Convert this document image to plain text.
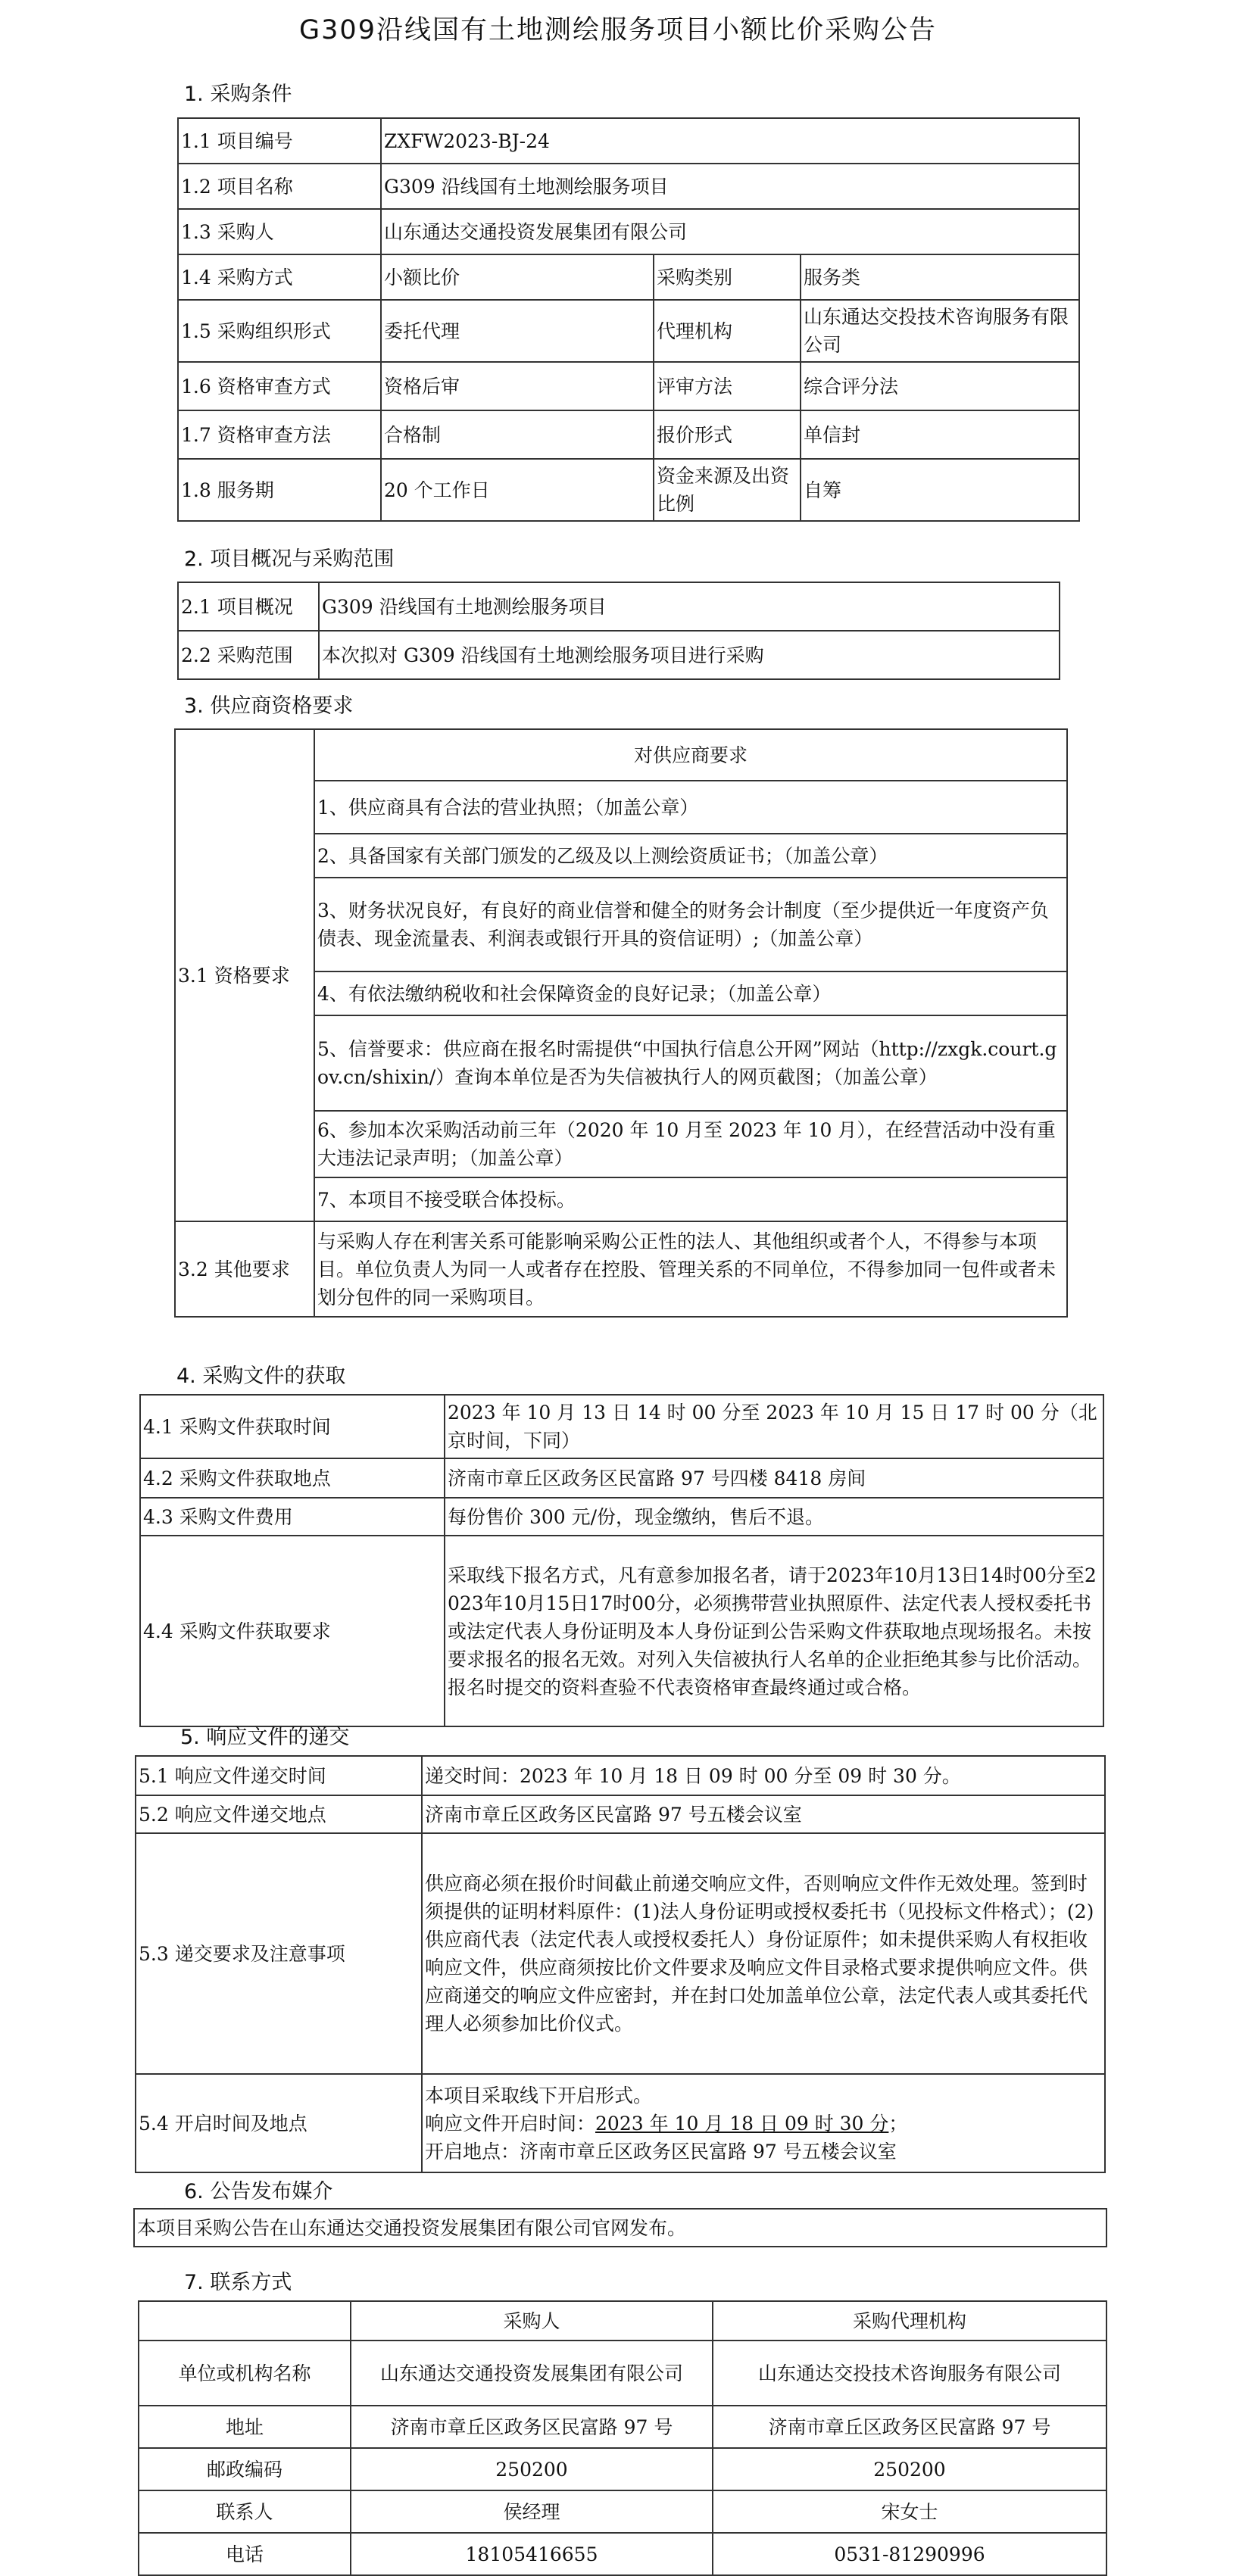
G309沿线国有土地测绘服务项目小额比价采购公告
1. 采购条件
1.1 项目编号	ZXFW2023-BJ-24		
1.2 项目名称	G309 沿线国有土地测绘服务项目		
1.3 采购人	山东通达交通投资发展集团有限公司		
1.4 采购方式	小额比价	采购类别	服务类
1.5 采购组织形式	委托代理	代理机构	山东通达交投技术咨询服务有限公司
1.6 资格审查方式	资格后审	评审方法	综合评分法
1.7 资格审查方法	合格制	报价形式	单信封
1.8 服务期	20 个工作日	资金来源及出资比例	自筹
2. 项目概况与采购范围
2.1 项目概况	G309 沿线国有土地测绘服务项目
2.2 采购范围	本次拟对 G309 沿线国有土地测绘服务项目进行采购
3. 供应商资格要求
3.1 资格要求	对供应商要求
	1、供应商具有合法的营业执照；（加盖公章）
	2、具备国家有关部门颁发的乙级及以上测绘资质证书；（加盖公章）
	3、财务状况良好，有良好的商业信誉和健全的财务会计制度（至少提供近一年度资产负债表、现金流量表、利润表或银行开具的资信证明）;（加盖公章）
	4、有依法缴纳税收和社会保障资金的良好记录；（加盖公章）
	5、信誉要求：供应商在报名时需提供“中国执行信息公开网”网站（http://zxgk.court.gov.cn/shixin/）查询本单位是否为失信被执行人的网页截图；（加盖公章）
	6、参加本次采购活动前三年（2020 年 10 月至 2023 年 10 月），在经营活动中没有重大违法记录声明；（加盖公章）
	7、本项目不接受联合体投标。
3.2 其他要求	与采购人存在利害关系可能影响采购公正性的法人、其他组织或者个人，不得参与本项目。单位负责人为同一人或者存在控股、管理关系的不同单位，不得参加同一包件或者未划分包件的同一采购项目。
4. 采购文件的获取
4.1 采购文件获取时间	2023 年 10 月 13 日 14 时 00 分至 2023 年 10 月 15 日 17 时 00 分（北京时间，下同）
4.2 采购文件获取地点	济南市章丘区政务区民富路 97 号四楼 8418 房间
4.3 采购文件费用	每份售价 300 元/份，现金缴纳，售后不退。
4.4 采购文件获取要求	采取线下报名方式，凡有意参加报名者，请于2023年10月13日14时00分至2023年10月15日17时00分，必须携带营业执照原件、法定代表人授权委托书或法定代表人身份证明及本人身份证到公告采购文件获取地点现场报名。未按要求报名的报名无效。对列入失信被执行人名单的企业拒绝其参与比价活动。报名时提交的资料查验不代表资格审查最终通过或合格。
5. 响应文件的递交
5.1 响应文件递交时间	递交时间：2023 年 10 月 18 日 09 时 00 分至 09 时 30 分。
5.2 响应文件递交地点	济南市章丘区政务区民富路 97 号五楼会议室
5.3 递交要求及注意事项	供应商必须在报价时间截止前递交响应文件，否则响应文件作无效处理。签到时须提供的证明材料原件：(1)法人身份证明或授权委托书（见投标文件格式）；(2)供应商代表（法定代表人或授权委托人）身份证原件；如未提供采购人有权拒收响应文件，供应商须按比价文件要求及响应文件目录格式要求提供响应文件。供应商递交的响应文件应密封，并在封口处加盖单位公章，法定代表人或其委托代理人必须参加比价仪式。
5.4 开启时间及地点	本项目采取线下开启形式。
响应文件开启时间：2023 年 10 月 18 日 09 时 30 分；
开启地点：济南市章丘区政务区民富路 97 号五楼会议室
6. 公告发布媒介
本项目采购公告在山东通达交通投资发展集团有限公司官网发布。
7. 联系方式
	采购人	采购代理机构
单位或机构名称	山东通达交通投资发展集团有限公司	山东通达交投技术咨询服务有限公司
地址	济南市章丘区政务区民富路 97 号	济南市章丘区政务区民富路 97 号
邮政编码	250200	250200
联系人	侯经理	宋女士
电话	18105416655	0531-81290996
